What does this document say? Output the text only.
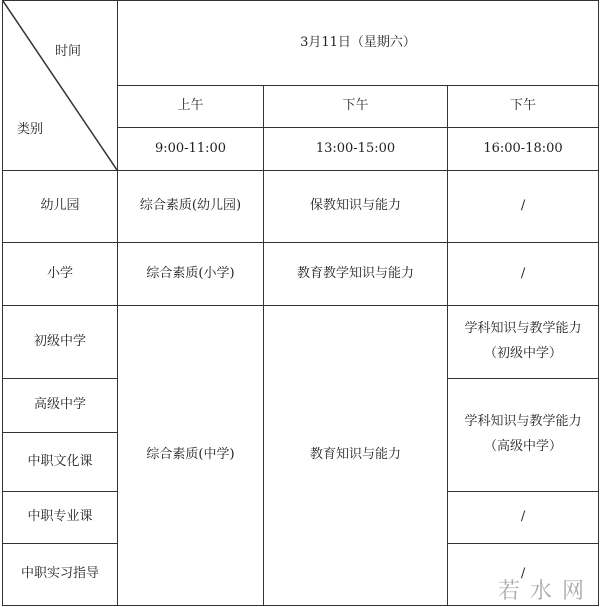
时间
类别	3月11日（星期六）		
	上午	下午	下午
	9:00-11:00	13:00-15:00	16:00-18:00
幼儿园	综合素质(幼儿园)	保教知识与能力	/
小学	综合素质(小学)	教育教学知识与能力	/
初级中学	综合素质(中学)	教育知识与能力	学科知识与教学能力
（初级中学）

高级中学			学科知识与教学能力
（高级中学）

中职文化课			
中职专业课			/
中职实习指导			/
若水网
